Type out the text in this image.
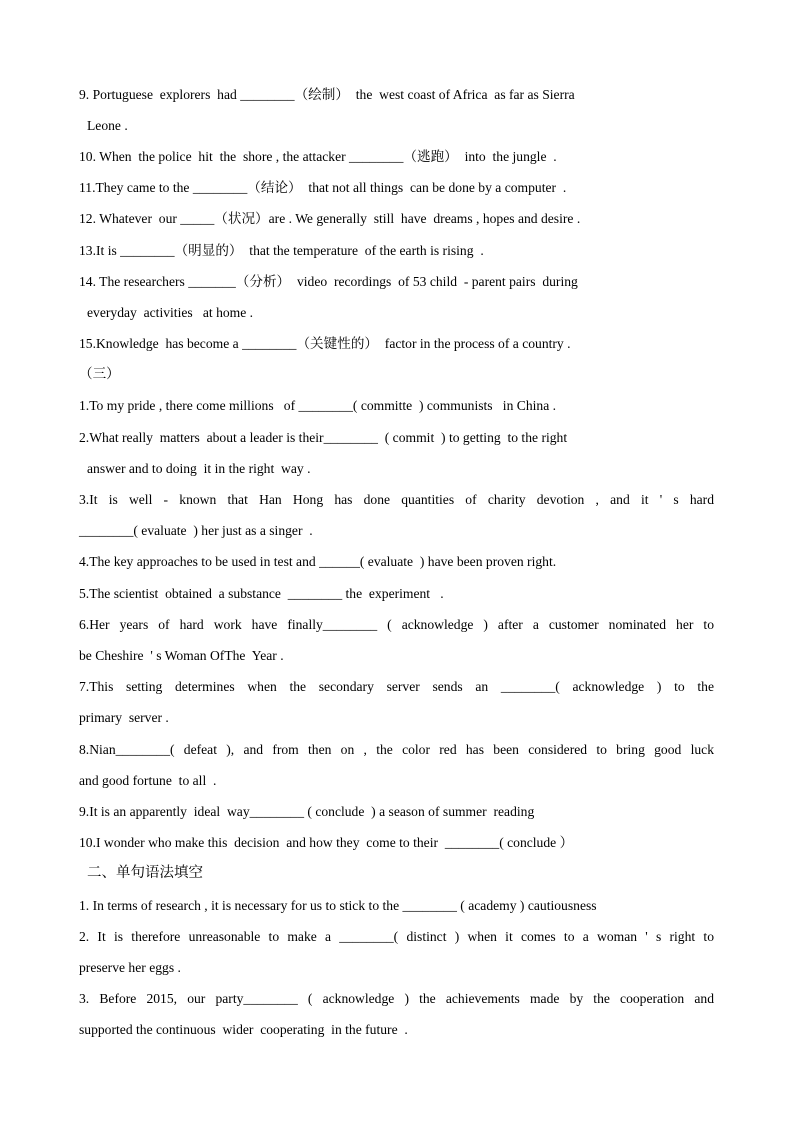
9. Portuguese  explorers  had ________（绘制）  the  west coast of Africa  as far as Sierra
Leone .
10. When  the police  hit  the  shore , the attacker ________（逃跑）  into  the jungle  .
11.They came to the ________（结论）  that not all things  can be done by a computer  .
12. Whatever  our _____（状况）are . We generally  still  have  dreams , hopes and desire .
13.It is ________（明显的）  that the temperature  of the earth is rising  .
14. The researchers _______（分析）  video  recordings  of 53 child  - parent pairs  during
everyday  activities   at home .
15.Knowledge  has become a ________（关键性的）  factor in the process of a country .
（三）
1.To my pride , there come millions   of ________( committe  ) communists   in China .
2.What really  matters  about a leader is their________  ( commit  ) to getting  to the right
answer and to doing  it in the right  way .
3.It is well - known that Han Hong has done quantities of charity devotion , and it ' s hard
________( evaluate  ) her just as a singer  .
4.The key approaches to be used in test and ______( evaluate  ) have been proven right.
5.The scientist  obtained  a substance  ________ the  experiment   .
6.Her years of hard work have finally________ ( acknowledge ) after a customer nominated her to
be Cheshire  ' s Woman OfThe  Year .
7.This setting determines when the secondary server sends an ________( acknowledge ) to the
primary  server .
8.Nian________( defeat ), and from then on , the color red has been considered to bring good luck
and good fortune  to all  .
9.It is an apparently  ideal  way________ ( conclude  ) a season of summer  reading
10.I wonder who make this  decision  and how they  come to their  ________( conclude ）
二、单句语法填空
1. In terms of research , it is necessary for us to stick to the ________ ( academy ) cautiousness
2. It is therefore unreasonable to make a ________( distinct ) when it comes to a woman ' s right to
preserve her eggs .
3. Before 2015, our party________ ( acknowledge ) the achievements made by the cooperation and
supported the continuous  wider  cooperating  in the future  .
